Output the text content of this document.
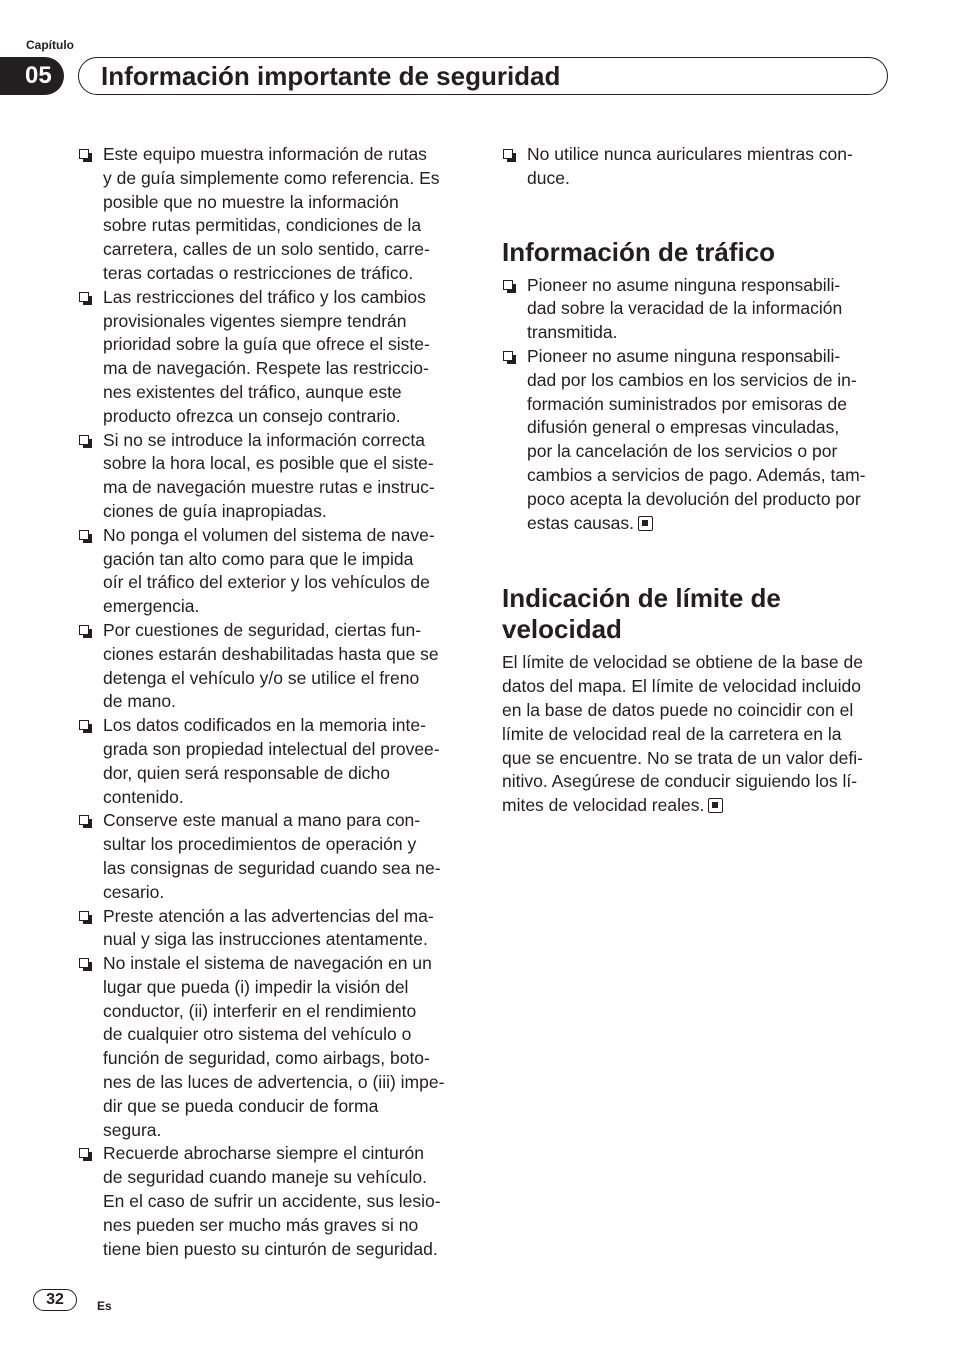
Capítulo
05	Información importante de seguridad
Este equipo muestra información de rutas
y de guía simplemente como referencia. Es
posible que no muestre la información
sobre rutas permitidas, condiciones de la
carretera, calles de un solo sentido, carre-
teras cortadas o restricciones de tráfico.
Las restricciones del tráfico y los cambios
provisionales vigentes siempre tendrán
prioridad sobre la guía que ofrece el siste-
ma de navegación. Respete las restriccio-
nes existentes del tráfico, aunque este
producto ofrezca un consejo contrario.
Si no se introduce la información correcta
sobre la hora local, es posible que el siste-
ma de navegación muestre rutas e instruc-
ciones de guía inapropiadas.
No ponga el volumen del sistema de nave-
gación tan alto como para que le impida
oír el tráfico del exterior y los vehículos de
emergencia.
Por cuestiones de seguridad, ciertas fun-
ciones estarán deshabilitadas hasta que se
detenga el vehículo y/o se utilice el freno
de mano.
Los datos codificados en la memoria inte-
grada son propiedad intelectual del provee-
dor, quien será responsable de dicho
contenido.
Conserve este manual a mano para con-
sultar los procedimientos de operación y
las consignas de seguridad cuando sea ne-
cesario.
Preste atención a las advertencias del ma-
nual y siga las instrucciones atentamente.
No instale el sistema de navegación en un
lugar que pueda (i) impedir la visión del
conductor, (ii) interferir en el rendimiento
de cualquier otro sistema del vehículo o
función de seguridad, como airbags, boto-
nes de las luces de advertencia, o (iii) impe-
dir que se pueda conducir de forma
segura.
Recuerde abrocharse siempre el cinturón
de seguridad cuando maneje su vehículo.
En el caso de sufrir un accidente, sus lesio-
nes pueden ser mucho más graves si no
tiene bien puesto su cinturón de seguridad.
No utilice nunca auriculares mientras con-
duce.
Información de tráfico
Pioneer no asume ninguna responsabili-
dad sobre la veracidad de la información
transmitida.
Pioneer no asume ninguna responsabili-
dad por los cambios en los servicios de in-
formación suministrados por emisoras de
difusión general o empresas vinculadas,
por la cancelación de los servicios o por
cambios a servicios de pago. Además, tam-
poco acepta la devolución del producto por
estas causas.
Indicación de límite de
velocidad
El límite de velocidad se obtiene de la base de
datos del mapa. El límite de velocidad incluido
en la base de datos puede no coincidir con el
límite de velocidad real de la carretera en la
que se encuentre. No se trata de un valor defi-
nitivo. Asegúrese de conducir siguiendo los lí-
mites de velocidad reales.
32	Es
